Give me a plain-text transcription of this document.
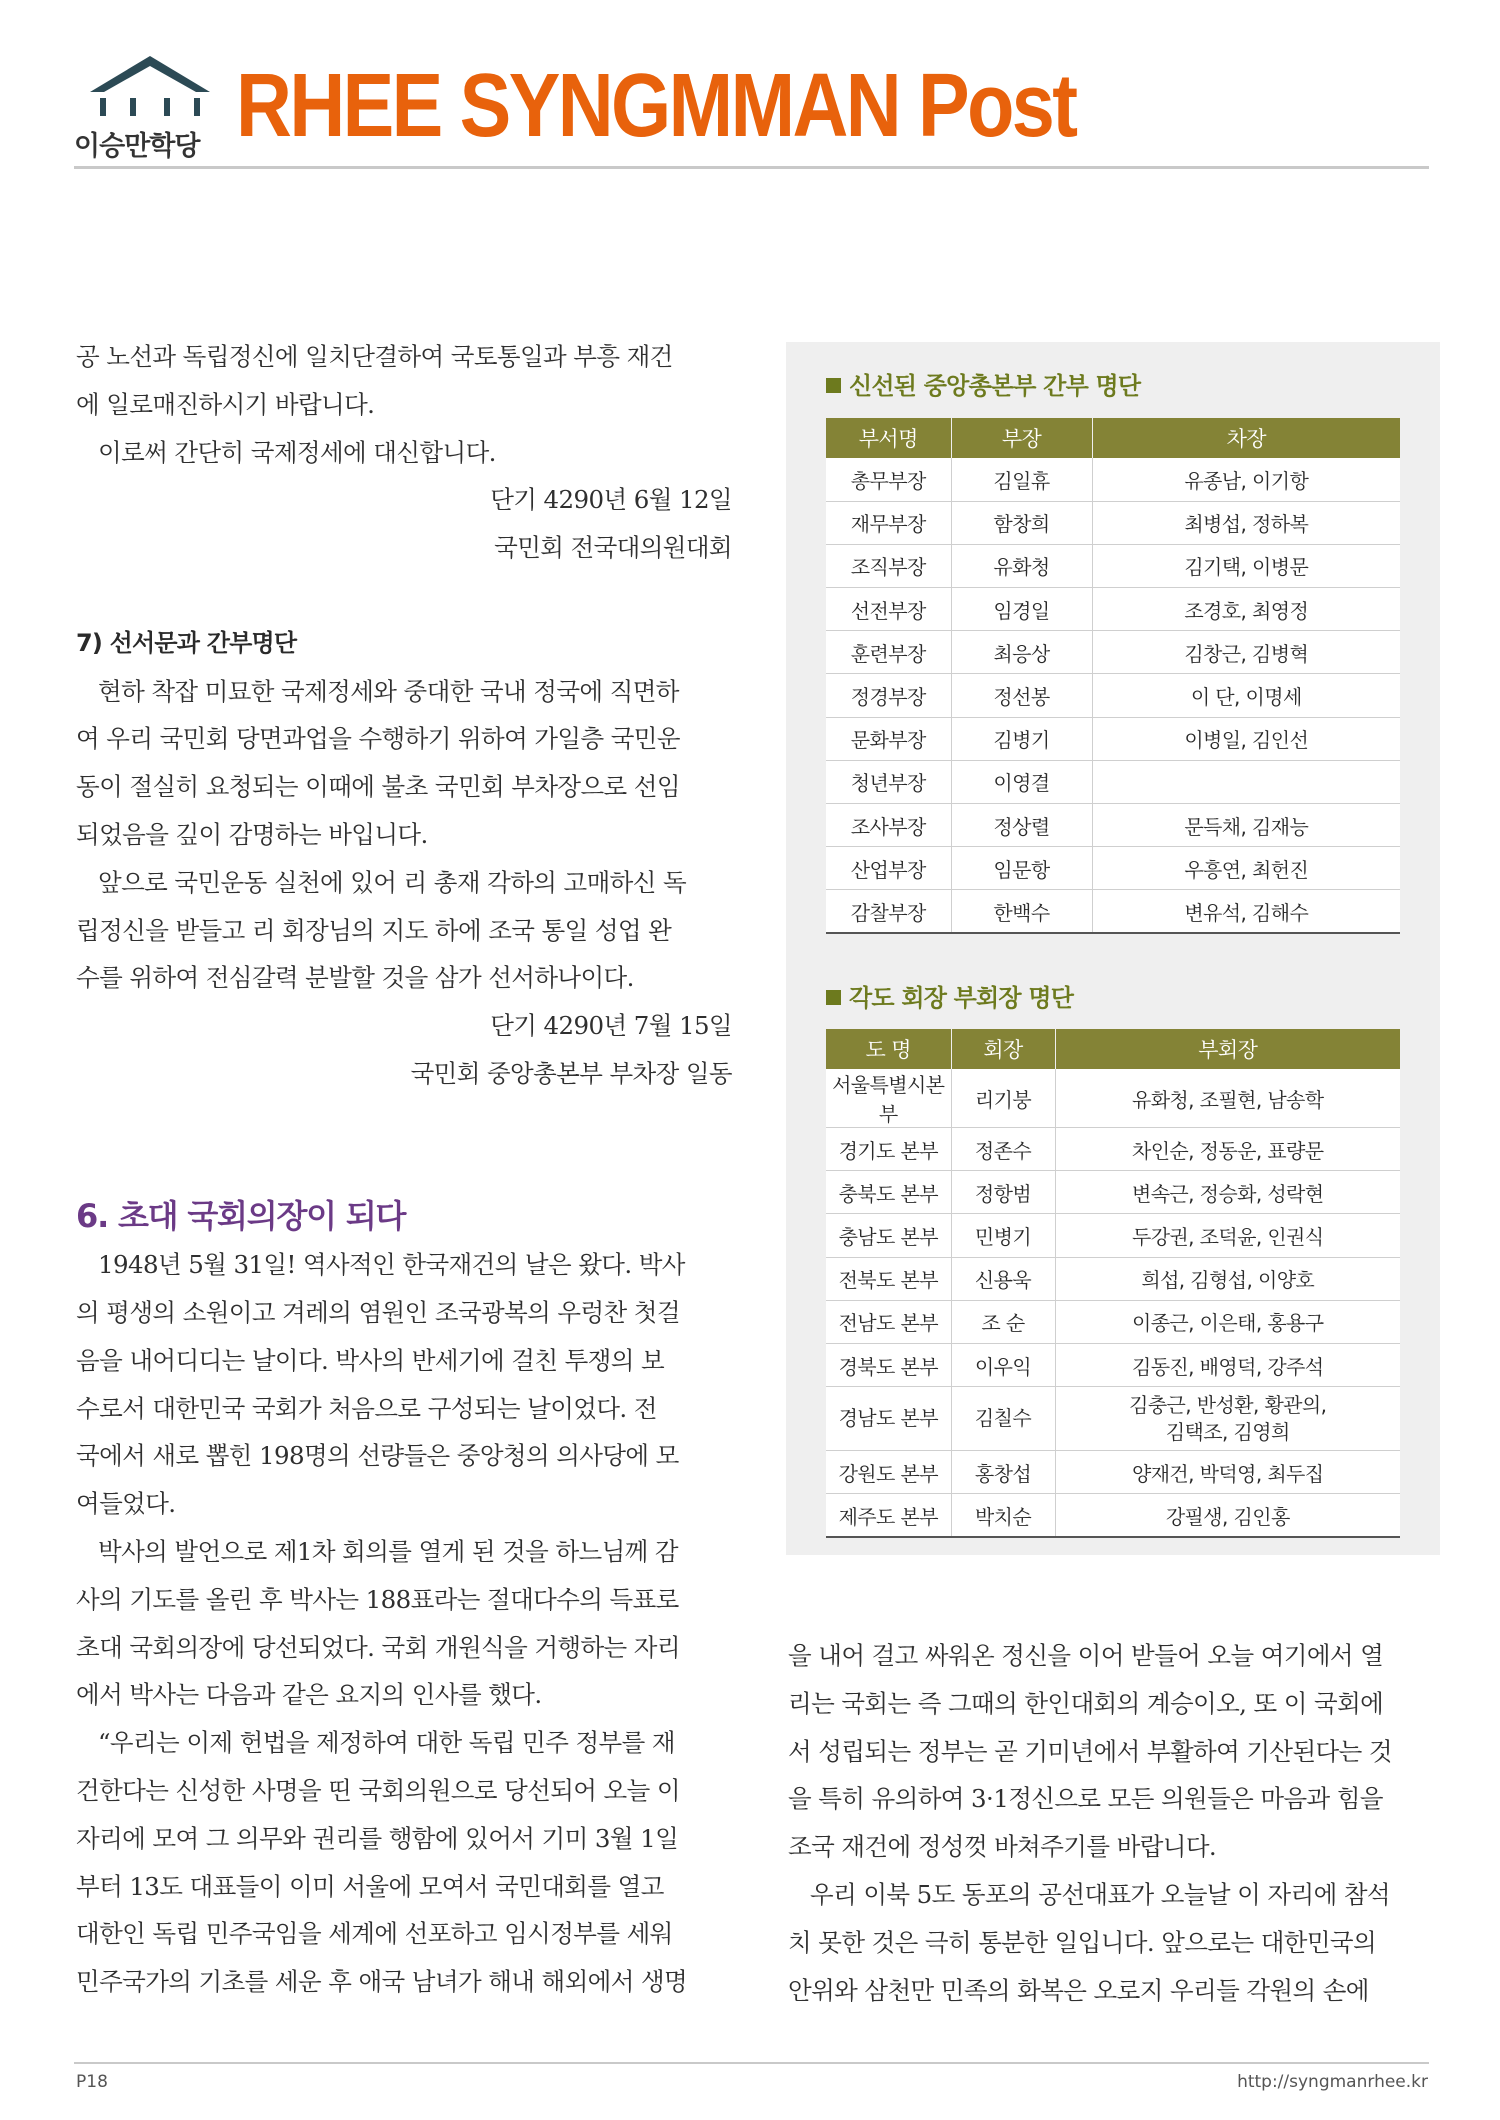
이승만학당 RHEE SYNGMMAN Post
공 노선과 독립정신에 일치단결하여 국토통일과 부흥 재건
에 일로매진하시기 바랍니다.
이로써 간단히 국제정세에 대신합니다.
단기 4290년 6월 12일
국민회 전국대의원대회
7) 선서문과 간부명단
현하 착잡 미묘한 국제정세와 중대한 국내 정국에 직면하
여 우리 국민회 당면과업을 수행하기 위하여 가일층 국민운
동이 절실히 요청되는 이때에 불초 국민회 부차장으로 선임
되었음을 깊이 감명하는 바입니다.
앞으로 국민운동 실천에 있어 리 총재 각하의 고매하신 독
립정신을 받들고 리 회장님의 지도 하에 조국 통일 성업 완
수를 위하여 전심갈력 분발할 것을 삼가 선서하나이다.
단기 4290년 7월 15일
국민회 중앙총본부 부차장 일동
6. 초대 국회의장이 되다
1948년 5월 31일! 역사적인 한국재건의 날은 왔다. 박사
의 평생의 소원이고 겨레의 염원인 조국광복의 우렁찬 첫걸
음을 내어디디는 날이다. 박사의 반세기에 걸친 투쟁의 보
수로서 대한민국 국회가 처음으로 구성되는 날이었다. 전
국에서 새로 뽑힌 198명의 선량들은 중앙청의 의사당에 모
여들었다.
박사의 발언으로 제1차 회의를 열게 된 것을 하느님께 감
사의 기도를 올린 후 박사는 188표라는 절대다수의 득표로
초대 국회의장에 당선되었다. 국회 개원식을 거행하는 자리
에서 박사는 다음과 같은 요지의 인사를 했다.
“우리는 이제 헌법을 제정하여 대한 독립 민주 정부를 재
건한다는 신성한 사명을 띤 국회의원으로 당선되어 오늘 이
자리에 모여 그 의무와 권리를 행함에 있어서 기미 3월 1일
부터 13도 대표들이 이미 서울에 모여서 국민대회를 열고
대한인 독립 민주국임을 세계에 선포하고 임시정부를 세워
민주국가의 기초를 세운 후 애국 남녀가 해내 해외에서 생명
신선된 중앙총본부 간부 명단
부서명	부장	차장
총무부장	김일휴	유종남, 이기항
재무부장	함창희	최병섭, 정하복
조직부장	유화청	김기택, 이병문
선전부장	임경일	조경호, 최영정
훈련부장	최응상	김창근, 김병혁
정경부장	정선봉	이 단, 이명세
문화부장	김병기	이병일, 김인선
청년부장	이영결	
조사부장	정상렬	문득채, 김재능
산업부장	임문항	우흥연, 최헌진
감찰부장	한백수	변유석, 김해수
각도 회장 부회장 명단
도 명	회장	부회장
서울특별시본부	리기붕	유화청, 조필현, 남송학
경기도 본부	정존수	차인순, 정동운, 표량문
충북도 본부	정항범	변속근, 정승화, 성락현
충남도 본부	민병기	두강권, 조덕윤, 인권식
전북도 본부	신용욱	희섭, 김형섭, 이양호
전남도 본부	조 순	이종근, 이은태, 홍용구
경북도 본부	이우익	김동진, 배영덕, 강주석
경남도 본부	김칠수	김충근, 반성환, 황관의,
김택조, 김영희
강원도 본부	홍창섭	양재건, 박덕영, 최두집
제주도 본부	박치순	강필생, 김인홍
을 내어 걸고 싸워온 정신을 이어 받들어 오늘 여기에서 열
리는 국회는 즉 그때의 한인대회의 계승이오, 또 이 국회에
서 성립되는 정부는 곧 기미년에서 부활하여 기산된다는 것
을 특히 유의하여 3·1정신으로 모든 의원들은 마음과 힘을
조국 재건에 정성껏 바쳐주기를 바랍니다.
우리 이북 5도 동포의 공선대표가 오늘날 이 자리에 참석
치 못한 것은 극히 통분한 일입니다. 앞으로는 대한민국의
안위와 삼천만 민족의 화복은 오로지 우리들 각원의 손에
P18	http://syngmanrhee.kr
